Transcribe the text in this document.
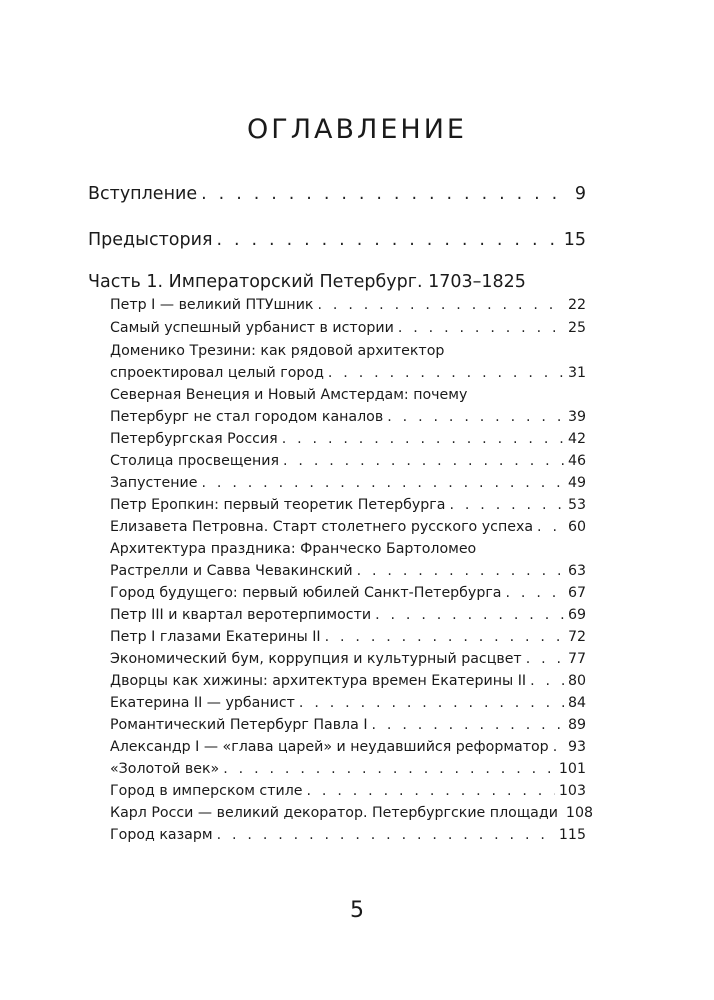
ОГЛАВЛЕНИЕ
Вступление . . .	9
Предыстория . . .	15
Часть 1. Императорский Петербург. 1703–1825
Петр I — великий ПТУшник . . .	22
Самый успешный урбанист в истории . . .	25
Доменико Трезини: как рядовой архитектор
спроектировал целый город . . .	31
Северная Венеция и Новый Амстердам: почему
Петербург не стал городом каналов . . .	39
Петербургская Россия . . .	42
Столица просвещения . . .	46
Запустение . . .	49
Петр Еропкин: первый теоретик Петербурга . . .	53
Елизавета Петровна. Старт столетнего русского успеха . . . 60
Архитектура праздника: Франческо Бартоломео
Растрелли и Савва Чевакинский . . .	63
Город будущего: первый юбилей Санкт-Петербурга . . .	67
Петр III и квартал веротерпимости . . .	69
Петр I глазами Екатерины II . . .	72
Экономический бум, коррупция и культурный расцвет . . .	77
Дворцы как хижины: архитектура времен Екатерины II . . .	80
Екатерина II — урбанист . . .	84
Романтический Петербург Павла I . . .	89
Александр I — «глава царей» и неудавшийся реформатор . . . 93
«Золотой век» . . .	101
Город в имперском стиле . . .	103
Карл Росси — великий декоратор. Петербургские площади 108
Город казарм . . .	115
5
